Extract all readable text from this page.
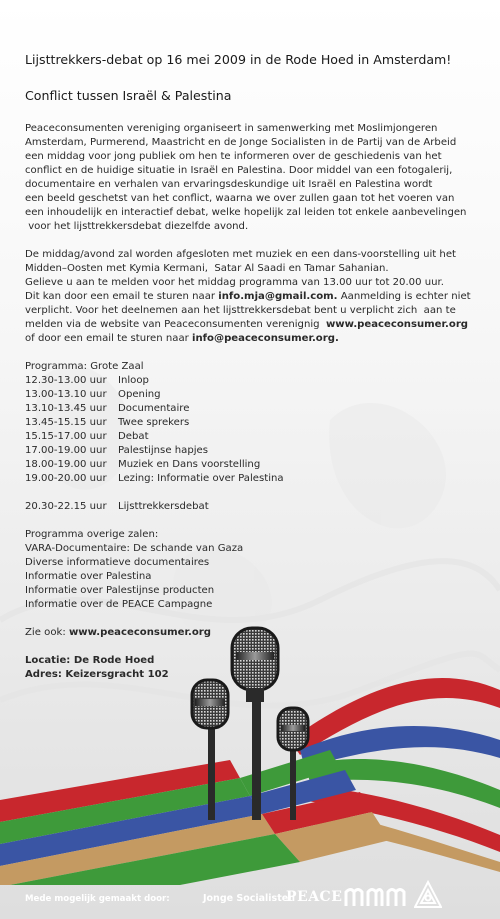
Lijsttrekkers-debat op 16 mei 2009 in de Rode Hoed in Amsterdam!

Conflict tussen Israël & Palestina

Peaceconsumenten vereniging organiseert in samenwerking met Moslimjongeren

Amsterdam, Purmerend, Maastricht en de Jonge Socialisten in de Partij van de Arbeid

een middag voor jong publiek om hen te informeren over de geschiedenis van het

conflict en de huidige situatie in Israël en Palestina. Door middel van een fotogalerij,

documentaire en verhalen van ervaringsdeskundige uit Israël en Palestina wordt

een beeld geschetst van het conflict, waarna we over zullen gaan tot het voeren van

een inhoudelijk en interactief debat, welke hopelijk zal leiden tot enkele aanbevelingen

voor het lijsttrekkersdebat diezelfde avond.

De middag/avond zal worden afgesloten met muziek en een dans-voorstelling uit het

Midden–Oosten met Kymia Kermani,  Satar Al Saadi en Tamar Sahanian.

Gelieve u aan te melden voor het middag programma van 13.00 uur tot 20.00 uur.

Dit kan door een email te sturen naar info.mja@gmail.com. Aanmelding is echter niet

verplicht. Voor het deelnemen aan het lijsttrekkersdebat bent u verplicht zich  aan te

melden via de website van Peaceconsumenten verenignig  www.peaceconsumer.org

of door een email te sturen naar info@peaceconsumer.org.

Programma: Grote Zaal
12.30-13.00 uur Inloop
13.00-13.10 uur Opening
13.10-13.45 uur Documentaire
13.45-15.15 uur Twee sprekers
15.15-17.00 uur Debat
17.00-19.00 uur Palestijnse hapjes
18.00-19.00 uur Muziek en Dans voorstelling
19.00-20.00 uur Lezing: Informatie over Palestina
20.30-22.15 uur Lijsttrekkersdebat
Programma overige zalen:
VARA-Documentaire: De schande van Gaza
Diverse informatieve documentaires
Informatie over Palestina
Informatie over Palestijnse producten
Informatie over de PEACE Campagne
Zie ook: www.peaceconsumer.org
Locatie: De Rode Hoed
Adres: Keizersgracht 102
Mede mogelijk gemaakt door:	Jonge Socialisten
PEACE
